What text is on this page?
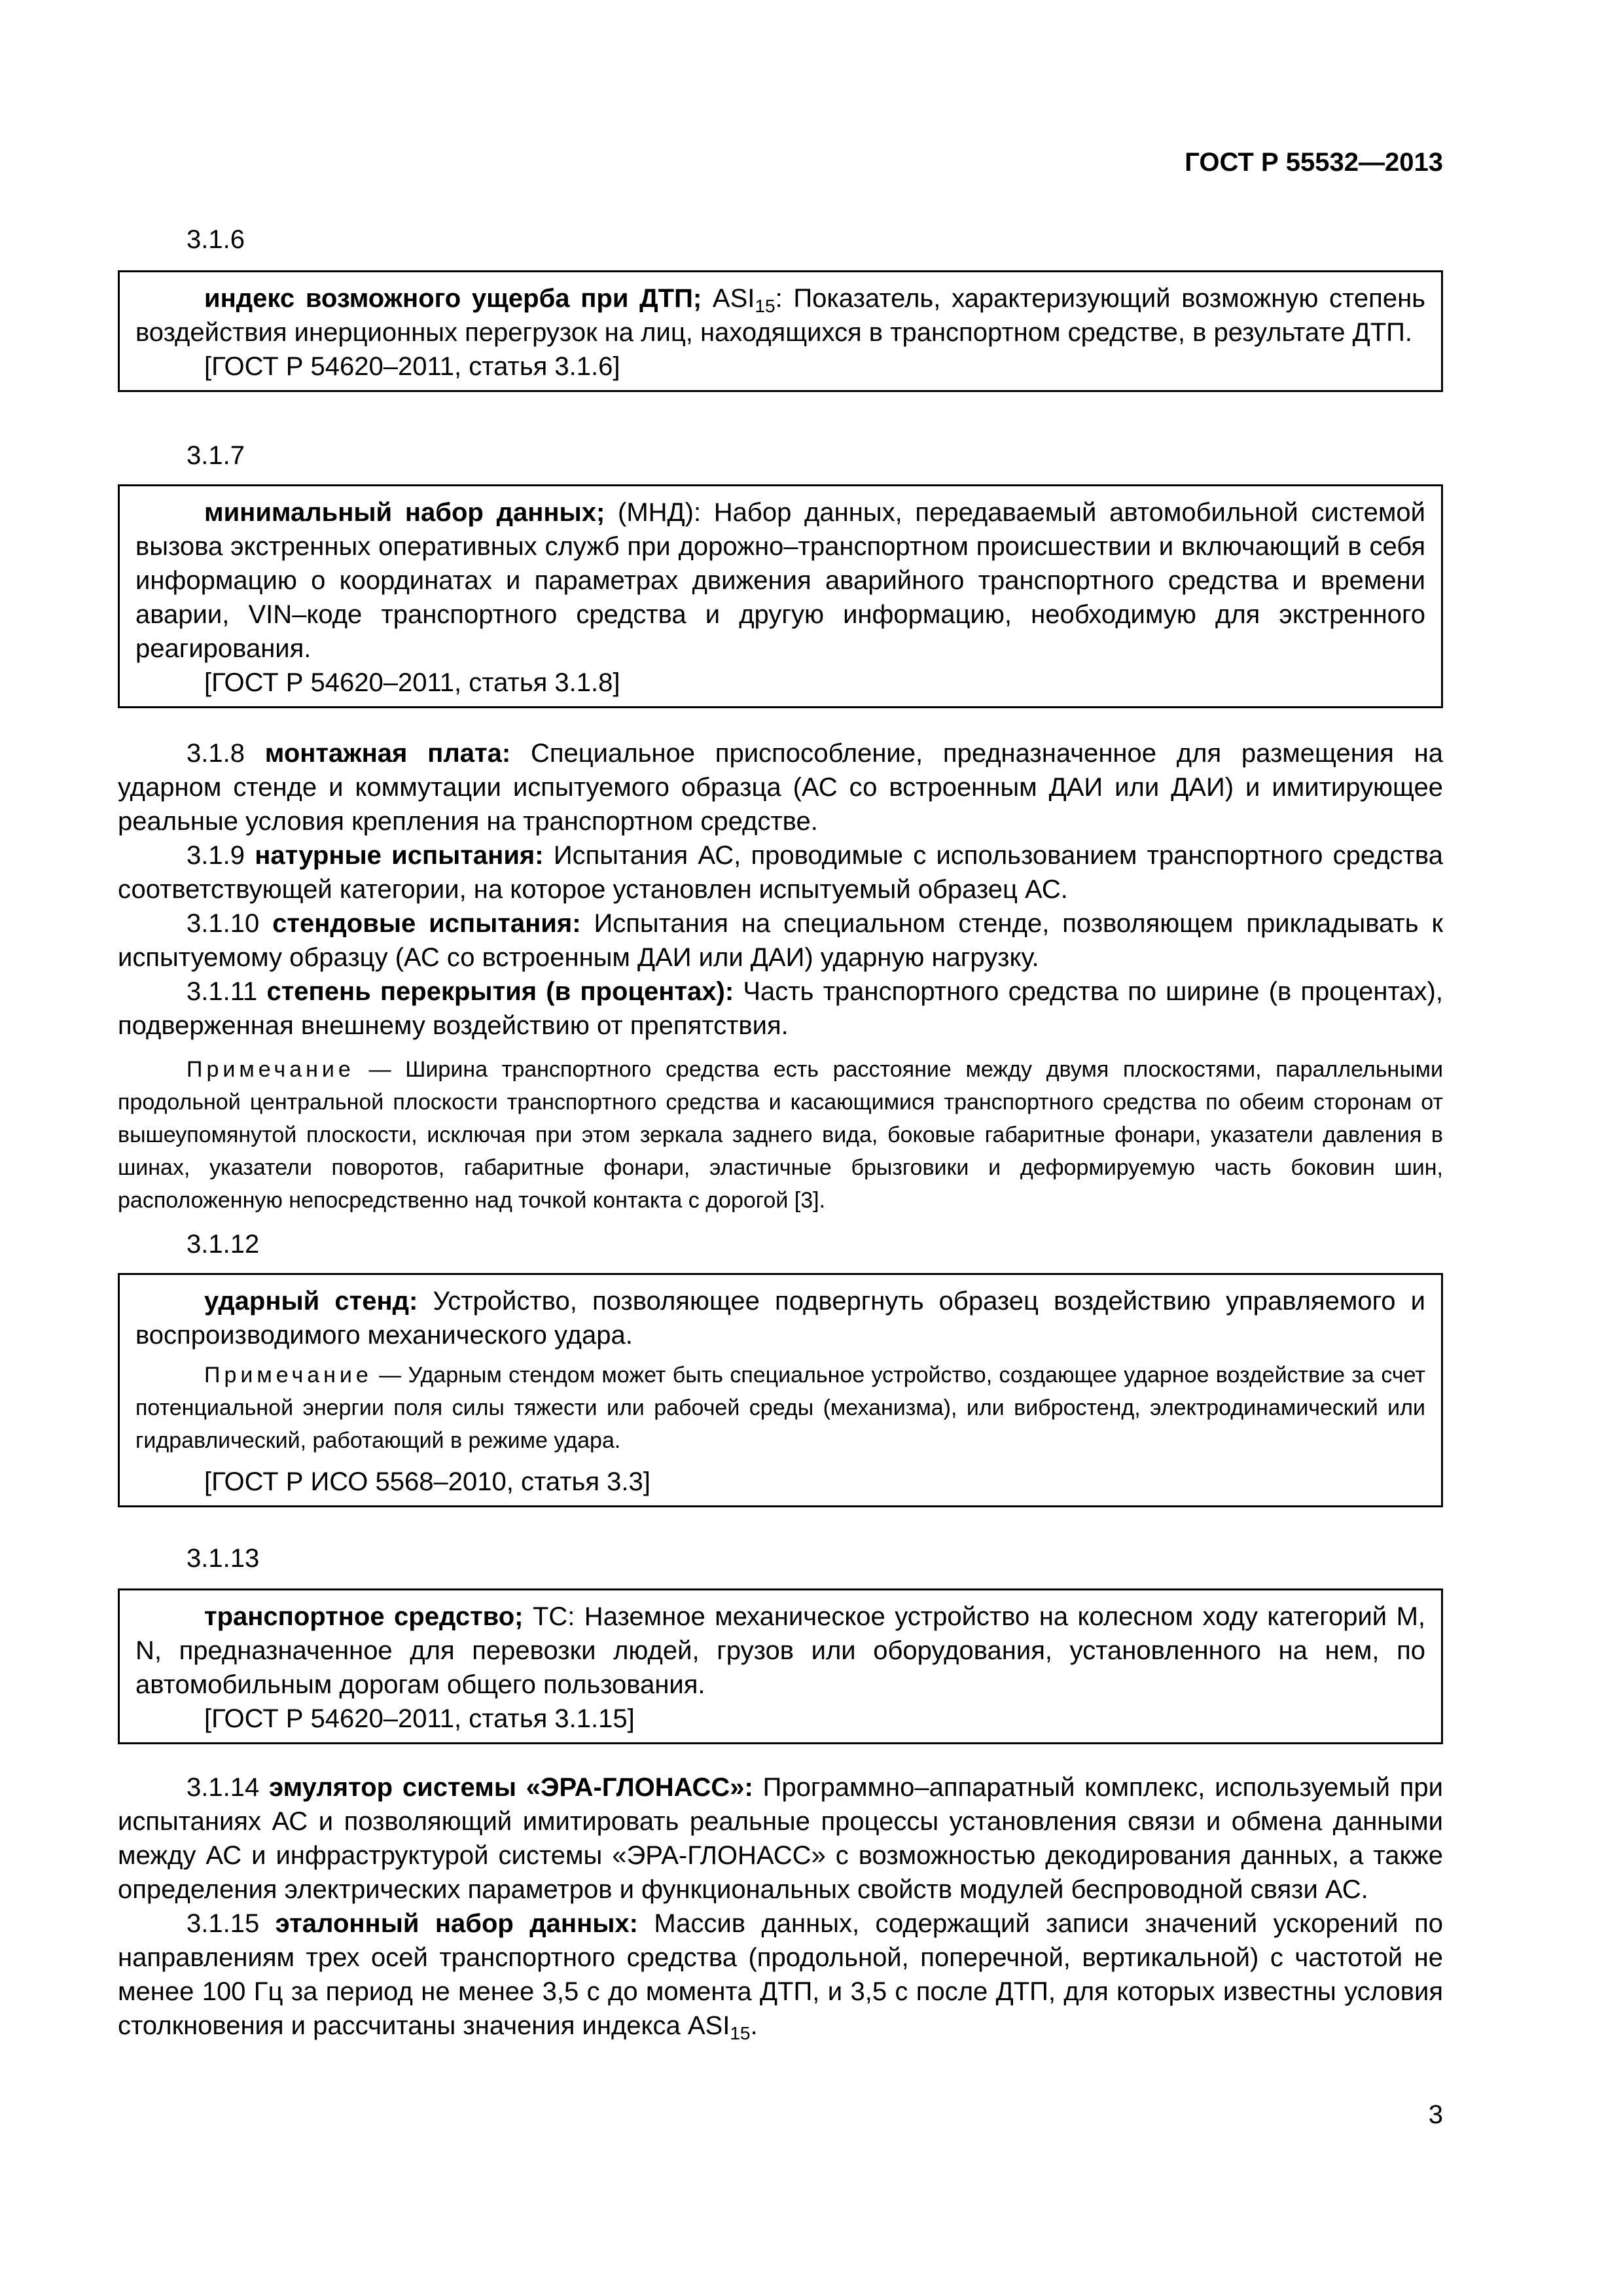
ГОСТ Р 55532—2013
3.1.6

индекс возможного ущерба при ДТП; $ASI_{15}$: Показатель, характеризующий возможную степень воздействия инерционных перегрузок на лиц, находящихся в транспортном средстве, в результате ДТП.

[ГОСТ Р 54620–2011, статья 3.1.6]

3.1.7

минимальный набор данных; (МНД): Набор данных, передаваемый автомобильной системой вызова экстренных оперативных служб при дорожно–транспортном происшествии и включающий в себя информацию о координатах и параметрах движения аварийного транспортного средства и времени аварии, VIN–коде транспортного средства и другую информацию, необходимую для экстренного реагирования.

[ГОСТ Р 54620–2011, статья 3.1.8]

3.1.8 монтажная плата: Специальное приспособление, предназначенное для размещения на ударном стенде и коммутации испытуемого образца (АС со встроенным ДАИ или ДАИ) и имитирующее реальные условия крепления на транспортном средстве.

3.1.9 натурные испытания: Испытания АС, проводимые с использованием транспортного средства соответствующей категории, на которое установлен испытуемый образец АС.

3.1.10 стендовые испытания: Испытания на специальном стенде, позволяющем прикладывать к испытуемому образцу (АС со встроенным ДАИ или ДАИ) ударную нагрузку.

3.1.11 степень перекрытия (в процентах): Часть транспортного средства по ширине (в процентах), подверженная внешнему воздействию от препятствия.

Примечание — Ширина транспортного средства есть расстояние между двумя плоскостями, параллельными продольной центральной плоскости транспортного средства и касающимися транспортного средства по обеим сторонам от вышеупомянутой плоскости, исключая при этом зеркала заднего вида, боковые габаритные фонари, указатели давления в шинах, указатели поворотов, габаритные фонари, эластичные брызговики и деформируемую часть боковин шин, расположенную непосредственно над точкой контакта с дорогой [3].

3.1.12

ударный стенд: Устройство, позволяющее подвергнуть образец воздействию управляемого и воспроизводимого механического удара.

Примечание — Ударным стендом может быть специальное устройство, создающее ударное воздействие за счет потенциальной энергии поля силы тяжести или рабочей среды (механизма), или вибростенд, электродинамический или гидравлический, работающий в режиме удара.

[ГОСТ Р ИСО 5568–2010, статья 3.3]

3.1.13

транспортное средство; ТС: Наземное механическое устройство на колесном ходу категорий M, N, предназначенное для перевозки людей, грузов или оборудования, установленного на нем, по автомобильным дорогам общего пользования.

[ГОСТ Р 54620–2011, статья 3.1.15]

3.1.14 эмулятор системы «ЭРА-ГЛОНАСС»: Программно–аппаратный комплекс, используемый при испытаниях АС и позволяющий имитировать реальные процессы установления связи и обмена данными между АС и инфраструктурой системы «ЭРА-ГЛОНАСС» с возможностью декодирования данных, а также определения электрических параметров и функциональных свойств модулей беспроводной связи АС.

3.1.15 эталонный набор данных: Массив данных, содержащий записи значений ускорений по направлениям трех осей транспортного средства (продольной, поперечной, вертикальной) с частотой не менее 100 Гц за период не менее 3,5 с до момента ДТП, и 3,5 с после ДТП, для которых известны условия столкновения и рассчитаны значения индекса $ASI_{15}$.

3
